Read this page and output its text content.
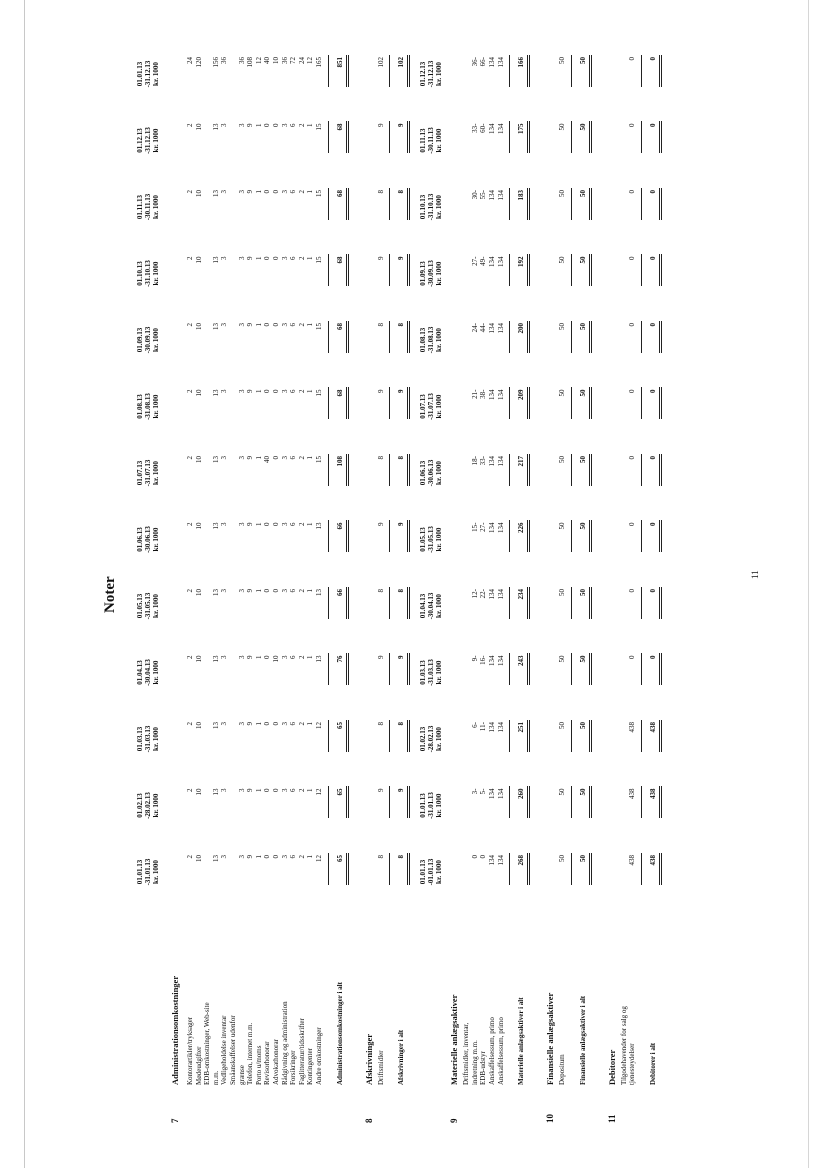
Noter
11
01.01.13
-31.01.13
kr. 1000
01.02.13
-28.02.13
kr. 1000
01.03.13
-31.03.13
kr. 1000
01.04.13
-30.04.13
kr. 1000
01.05.13
-31.05.13
kr. 1000
01.06.13
-30.06.13
kr. 1000
01.07.13
-31.07.13
kr. 1000
01.08.13
-31.08.13
kr. 1000
01.09.13
-30.09.13
kr. 1000
01.10.13
-31.10.13
kr. 1000
01.11.13
-30.11.13
kr. 1000
01.12.13
-31.12.13
kr. 1000
01.01.13
-31.12.13
kr. 1000
7
Administrationsomkostninger Kontorartikler/tryksager
2
2
2
2
2
2
2
2
2
2
2
2
24
Mødeudgifter
10
10
10
10
10
10
10
10
10
10
10
10
120
EDB-omkostninger, Web-site m.m.
13
13
13
13
13
13
13
13
13
13
13
13
156
Vedligeholdelse inventar
3
3
3
3
3
3
3
3
3
3
3
3
36
Småanskaffelser udenfor grænse
3
3
3
3
3
3
3
3
3
3
3
3
36
Telefon, internet m.m.
9
9
9
9
9
9
9
9
9
9
9
9
108
Porto u/moms
1
1
1
1
1
1
1
1
1
1
1
1
12
Revisorhonorar
0
0
0
0
0
0
40
0
0
0
0
0
40
Advokathonorar
0
0
0
10
0
0
0
0
0
0
0
0
10
Rådgivning og administration
3
3
3
3
3
3
3
3
3
3
3
3
36
Forsikringer
6
6
6
6
6
6
6
6
6
6
6
6
72
Faglitteratur/tidsskrifter
2
2
2
2
2
2
2
2
2
2
2
2
24
Kontingenter
1
1
1
1
1
1
1
1
1
1
1
1
12
Andre omkostninger
12
12
12
13
13
13
15
15
15
15
15
15
165
Administrationsomkostninger i alt
65
65
65
76
66
66
108
68
68
68
68
68
851
8
Afskrivninger Driftsmidler
8
9
8
9
8
9
8
9
8
9
8
9
102
Afskrivninger i alt
8
9
8
9
8
9
8
9
8
9
8
9
102
9
Materielle anlægsaktiver
01.01.13
-01.01.13
kr. 1000
01.01.13
-31.01.13
kr. 1000
01.02.13
-28.02.13
kr. 1000
01.03.13
-31.03.13
kr. 1000
01.04.13
-30.04.13
kr. 1000
01.05.13
-31.05.13
kr. 1000
01.06.13
-30.06.13
kr. 1000
01.07.13
-31.07.13
kr. 1000
01.08.13
-31.08.13
kr. 1000
01.09.13
-30.09.13
kr. 1000
01.10.13
-31.10.13
kr. 1000
01.11.13
-30.11.13
kr. 1000
01.12.13
-31.12.13
kr. 1000
Driftsmidler, inventar, indretning m.m.
0
3-
6-
9-
12-
15-
18-
21-
24-
27-
30-
33-
36-
EDB-udstyr
0
5-
11-
16-
22-
27-
33-
38-
44-
49-
55-
60-
66-
Anskaffelsessum, primo
134
134
134
134
134
134
134
134
134
134
134
134
134
Anskaffelsessum, primo
134
134
134
134
134
134
134
134
134
134
134
134
134
Materielle anlægsaktiver i alt
268
260
251
243
234
226
217
209
200
192
183
175
166
10
Finansielle anlægsaktiver Depositum
50
50
50
50
50
50
50
50
50
50
50
50
50
Finansielle anlægsaktiver i alt
50
50
50
50
50
50
50
50
50
50
50
50
50
11
Debitorer Tilgodehavender for salg og tjenesteydelser
438
438
438
0
0
0
0
0
0
0
0
0
0
Debitorer i alt
438
438
438
0
0
0
0
0
0
0
0
0
0
